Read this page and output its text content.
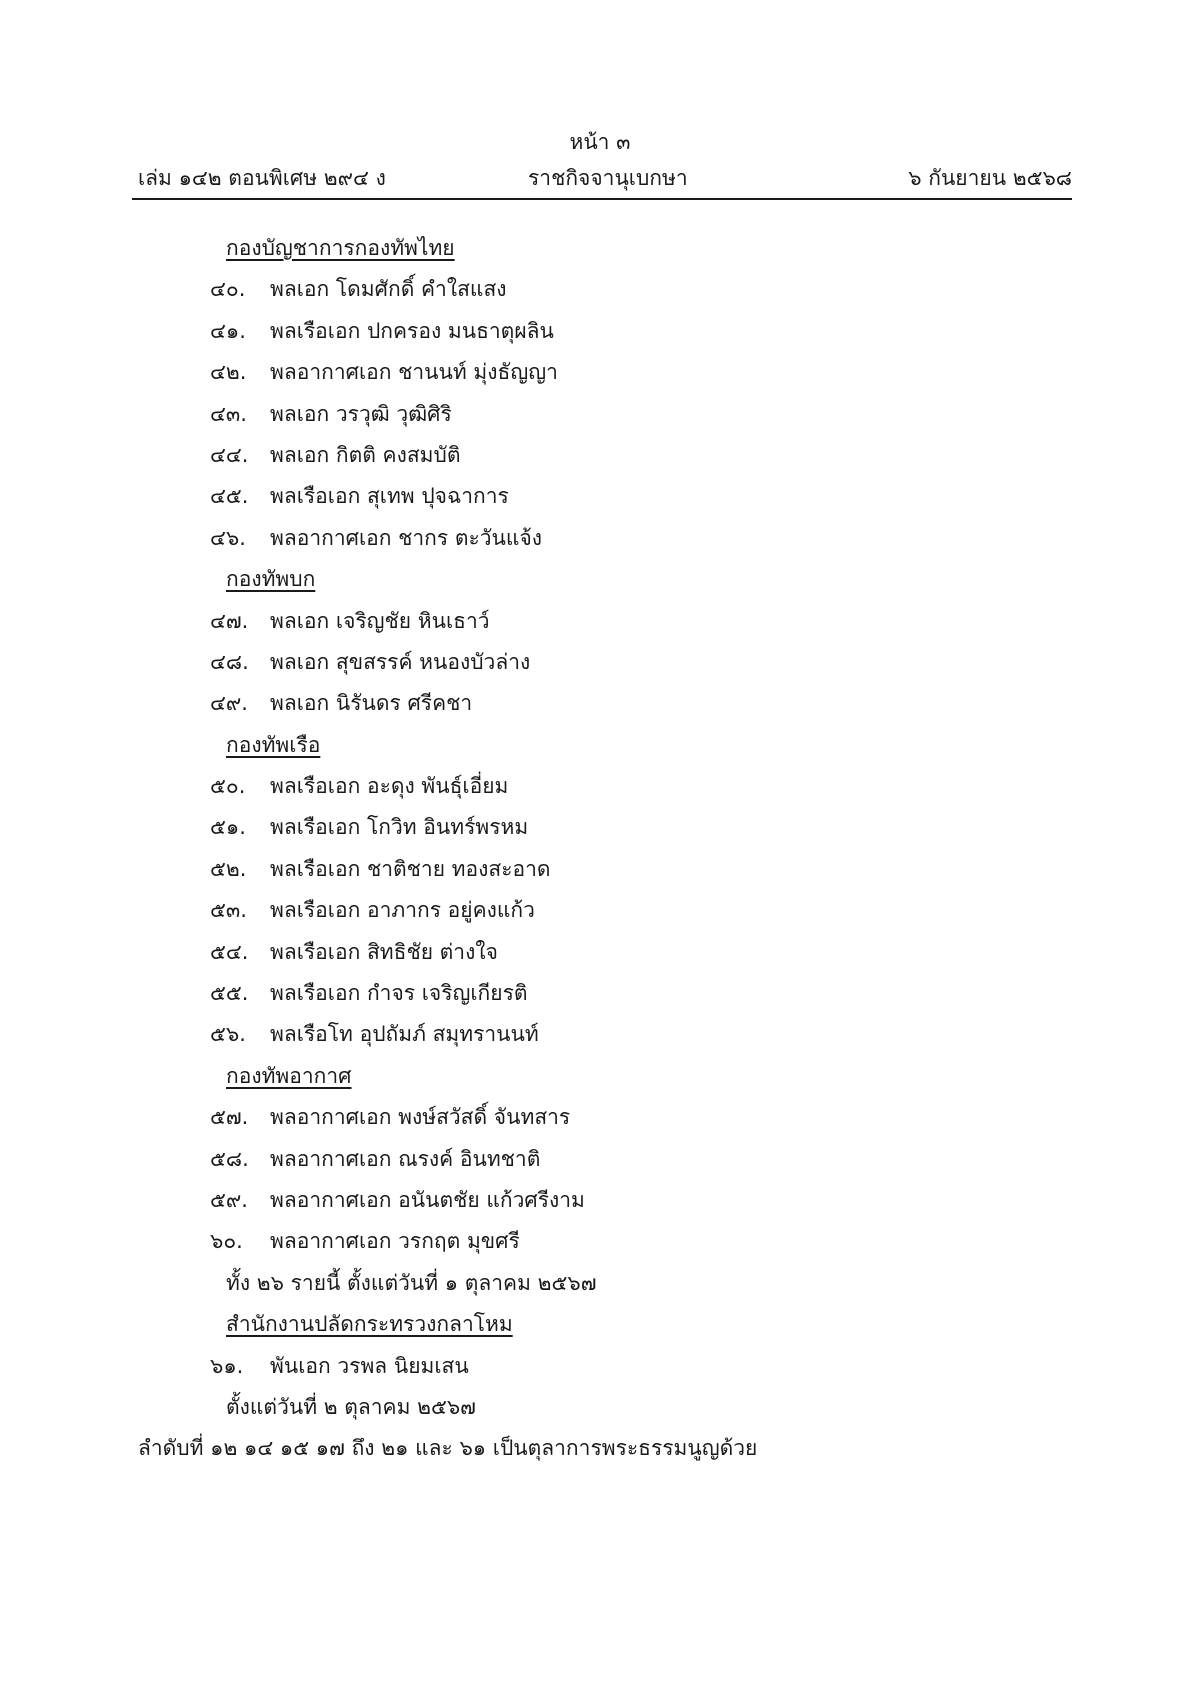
หน้า ๓
เล่ม ๑๔๒ ตอนพิเศษ ๒๙๔ ง	ราชกิจจานุเบกษา	๖ กันยายน ๒๕๖๘
กองบัญชาการกองทัพไทย
๔๐.	พลเอก โดมศักดิ์ คำใสแสง
๔๑.	พลเรือเอก ปกครอง มนธาตุผลิน
๔๒.	พลอากาศเอก ชานนท์ มุ่งธัญญา
๔๓.	พลเอก วรวุฒิ วุฒิศิริ
๔๔.	พลเอก กิตติ คงสมบัติ
๔๕.	พลเรือเอก สุเทพ ปุจฉาการ
๔๖.	พลอากาศเอก ชากร ตะวันแจ้ง
กองทัพบก
๔๗.	พลเอก เจริญชัย หินเธาว์
๔๘.	พลเอก สุขสรรค์ หนองบัวล่าง
๔๙.	พลเอก นิรันดร ศรีคชา
กองทัพเรือ
๕๐.	พลเรือเอก อะดุง พันธุ์เอี่ยม
๕๑.	พลเรือเอก โกวิท อินทร์พรหม
๕๒.	พลเรือเอก ชาติชาย ทองสะอาด
๕๓.	พลเรือเอก อาภากร อยู่คงแก้ว
๕๔.	พลเรือเอก สิทธิชัย ต่างใจ
๕๕.	พลเรือเอก กำจร เจริญเกียรติ
๕๖.	พลเรือโท อุปถัมภ์ สมุทรานนท์
กองทัพอากาศ
๕๗.	พลอากาศเอก พงษ์สวัสดิ์ จันทสาร
๕๘.	พลอากาศเอก ณรงค์ อินทชาติ
๕๙.	พลอากาศเอก อนันตชัย แก้วศรีงาม
๖๐.	พลอากาศเอก วรกฤต มุขศรี
ทั้ง ๒๖ รายนี้ ตั้งแต่วันที่ ๑ ตุลาคม ๒๕๖๗
สำนักงานปลัดกระทรวงกลาโหม
๖๑.	พันเอก วรพล นิยมเสน
ตั้งแต่วันที่ ๒ ตุลาคม ๒๕๖๗
ลำดับที่ ๑๒ ๑๔ ๑๕ ๑๗ ถึง ๒๑ และ ๖๑ เป็นตุลาการพระธรรมนูญด้วย
